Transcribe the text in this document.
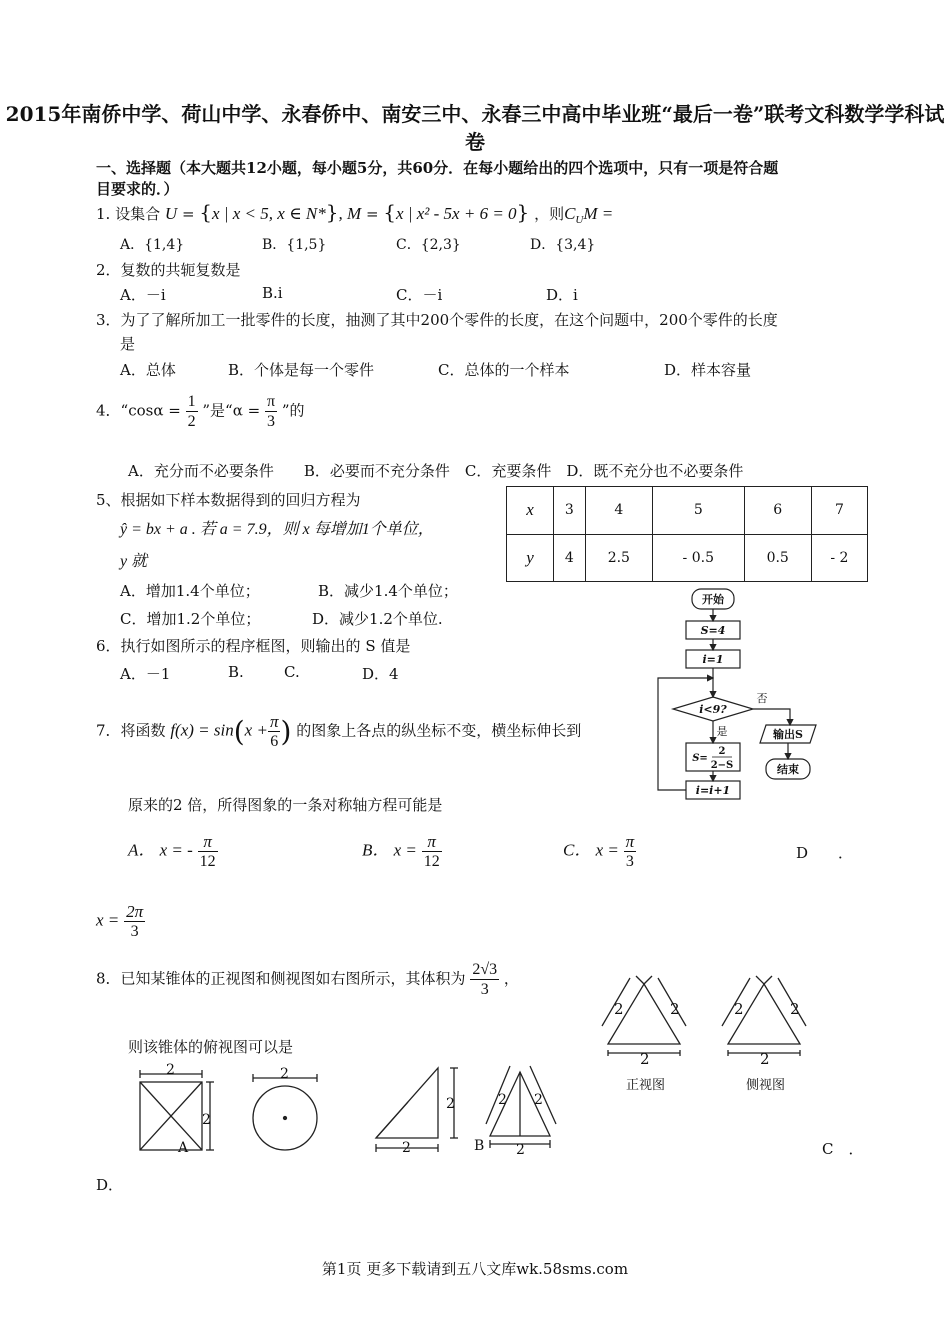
2015年南侨中学、荷山中学、永春侨中、南安三中、永春三中高中毕业班“最后一卷”联考文科数学学科试卷
一、选择题（本大题共12小题，每小题5分，共60分．在每小题给出的四个选项中，只有一项是符合题
目要求的．）
1. 设集合 U = {x | x < 5, x ∈ N*}, M = {x | x² - 5x + 6 = 0} ，则$C_UM$ =
A．{1,4}	B．{1,5}	C．{2,3}	D．{3,4}
2．复数的共轭复数是
A．－i	B.i	C．－i	D．i
3．为了了解所加工一批零件的长度，抽测了其中200个零件的长度，在这个问题中，200个零件的长度
是
A．总体	B．个体是每一个零件	C．总体的一个样本	D．样本容量
4．“$\cos\alpha = \frac{1}{2}$ ”是“$\alpha = \frac{\pi}{3}$ ”的
A．充分而不必要条件　　B．必要而不充分条件　C．充要条件　D．既不充分也不必要条件
5、根据如下样本数据得到的回归方程为
ŷ = bx + a . 若 a = 7.9，则 x 每增加1个单位，
y 就
A．增加1.4个单位；	B．减少1.4个单位；
C．增加1.2个单位；	D．减少1.2个单位.
x	3	4	5	6	7
y	4	2.5	- 0.5	0.5	- 2
6．执行如图所示的程序框图，则输出的 S 值是
A．－1	B.	C.	D．4
开始
S=4
i=1
i<9?
否
是
S=
2
2−S
i=i+1
输出S
结束
7．将函数 $f(x) = \sin(x + \frac{\pi}{6}$ ) 的图象上各点的纵坐标不变，横坐标伸长到
原来的2 倍，所得图象的一条对称轴方程可能是
A． x = - $\frac{\pi}{12}$	B． $x = \frac{\pi}{12}$	C． $x = \frac{\pi}{3}$	D　　．
$x = \frac{2\pi}{3}$
8．已知某锥体的正视图和侧视图如右图所示，其体积为 $\frac{2√3}{3}$ ，
则该锥体的俯视图可以是
2	2
2
2	2
2
正视图	侧视图
2
2
A
2
2
2	2 2
2
B	C　．
D．
第1页 更多下载请到五八文库wk.58sms.com
